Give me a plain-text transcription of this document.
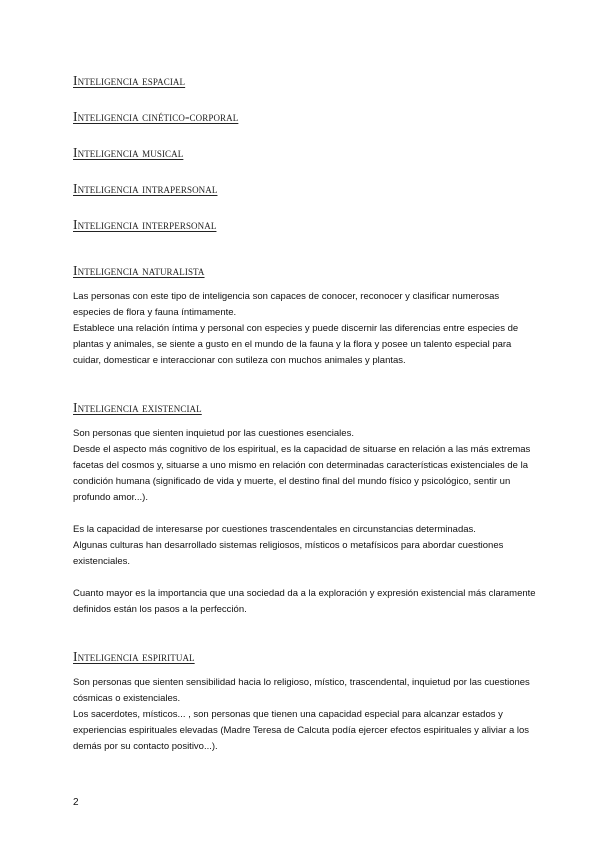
Inteligencia espacial
Inteligencia cinético-corporal
Inteligencia musical
Inteligencia intrapersonal
Inteligencia interpersonal
Inteligencia naturalista

Las personas con este tipo de inteligencia son capaces de conocer, reconocer y clasificar numerosas especies de flora y fauna íntimamente.

Establece una relación íntima y personal con especies y puede discernir las diferencias entre especies de plantas y animales, se siente a gusto en el mundo de la fauna y la flora y posee un talento especial para cuidar, domesticar e interaccionar con sutileza con muchos animales y plantas.

Inteligencia existencial

Son personas que sienten inquietud por las cuestiones esenciales.

Desde el aspecto más cognitivo de los espiritual, es la capacidad de situarse en relación a las más extremas facetas del cosmos y, situarse a uno mismo en relación con determinadas características existenciales de la condición humana (significado de vida y muerte, el destino final del mundo físico y psicológico, sentir un profundo amor...).

Es la capacidad de interesarse por cuestiones trascendentales en circunstancias determinadas.

Algunas culturas han desarrollado sistemas religiosos, místicos o metafísicos para abordar cuestiones existenciales.

Cuanto mayor es la importancia que una sociedad da a la exploración y expresión existencial más claramente definidos están los pasos a la perfección.

Inteligencia espiritual

Son personas que sienten sensibilidad hacia lo religioso, místico, trascendental, inquietud por las cuestiones cósmicas o existenciales.

Los sacerdotes, místicos... , son personas que tienen una capacidad especial para alcanzar estados y experiencias espirituales elevadas (Madre Teresa de Calcuta podía ejercer efectos espirituales y aliviar a los demás por su contacto positivo...).

2
